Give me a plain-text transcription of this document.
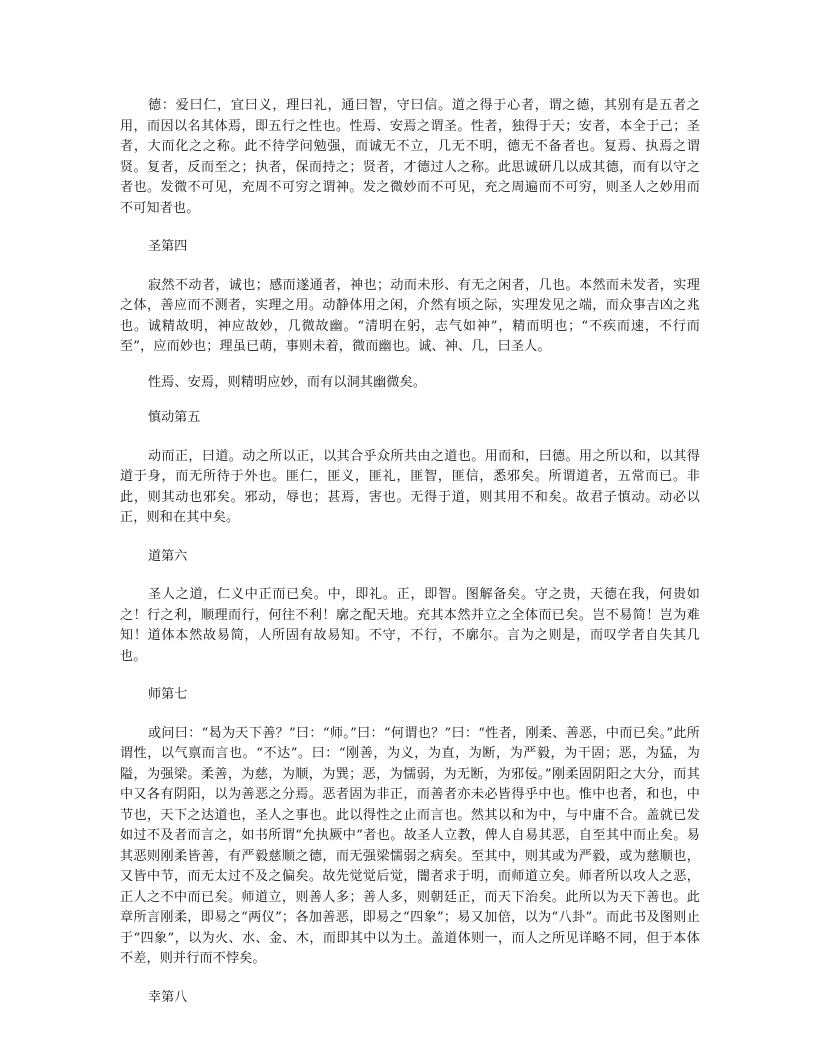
德：爱曰仁，宜曰义，理曰礼，通曰智，守曰信。道之得于心者，谓之德，其别有是五者之用，而因以名其体焉，即五行之性也。性焉、安焉之谓圣。性者，独得于天；安者，本全于己；圣者，大而化之之称。此不待学问勉强，而诚无不立，几无不明，德无不备者也。复焉、执焉之谓贤。复者，反而至之；执者，保而持之；贤者，才德过人之称。此思诚研几以成其德，而有以守之者也。发微不可见，充周不可穷之谓神。发之微妙而不可见，充之周遍而不可穷，则圣人之妙用而不可知者也。

圣第四

寂然不动者，诚也；感而遂通者，神也；动而未形、有无之闲者，几也。本然而未发者，实理之体，善应而不测者，实理之用。动静体用之闲，介然有顷之际，实理发见之端，而众事吉凶之兆也。诚精故明，神应故妙，几微故幽。“清明在躬，志气如神”，精而明也；“不疾而速，不行而至”，应而妙也；理虽已萌，事则未着，微而幽也。诚、神、几，曰圣人。

性焉、安焉，则精明应妙，而有以洞其幽微矣。

慎动第五

动而正，曰道。动之所以正，以其合乎众所共由之道也。用而和，曰德。用之所以和，以其得道于身，而无所待于外也。匪仁，匪义，匪礼，匪智，匪信，悉邪矣。所谓道者，五常而已。非此，则其动也邪矣。邪动，辱也；甚焉，害也。无得于道，则其用不和矣。故君子慎动。动必以正，则和在其中矣。

道第六

圣人之道，仁义中正而已矣。中，即礼。正，即智。图解备矣。守之贵，天德在我，何贵如之！行之利，顺理而行，何往不利！廓之配天地。充其本然并立之全体而已矣。岂不易简！岂为难知！道体本然故易简，人所固有故易知。不守，不行，不廓尔。言为之则是，而叹学者自失其几也。

师第七

或问曰：“曷为天下善？”曰：“师。”曰：“何谓也？”曰：“性者，刚柔、善恶，中而已矣。”此所谓性，以气禀而言也。“不达”。曰：“刚善，为义，为直，为断，为严毅，为干固；恶，为猛，为隘，为强梁。柔善，为慈，为顺，为巽；恶，为懦弱，为无断，为邪佞。”刚柔固阴阳之大分，而其中又各有阴阳，以为善恶之分焉。恶者固为非正，而善者亦未必皆得乎中也。惟中也者，和也，中节也，天下之达道也，圣人之事也。此以得性之止而言也。然其以和为中，与中庸不合。盖就已发如过不及者而言之，如书所谓“允执厥中”者也。故圣人立教，俾人自易其恶，自至其中而止矣。易其恶则刚柔皆善，有严毅慈顺之德，而无强梁懦弱之病矣。至其中，则其或为严毅，或为慈顺也，又皆中节，而无太过不及之偏矣。故先觉觉后觉，闇者求于明，而师道立矣。师者所以攻人之恶，正人之不中而已矣。师道立，则善人多；善人多，则朝廷正，而天下治矣。此所以为天下善也。此章所言刚柔，即易之“两仪”；各加善恶，即易之“四象”；易又加倍，以为“八卦”。而此书及图则止于“四象”，以为火、水、金、木，而即其中以为土。盖道体则一，而人之所见详略不同，但于本体不差，则并行而不悖矣。

幸第八
